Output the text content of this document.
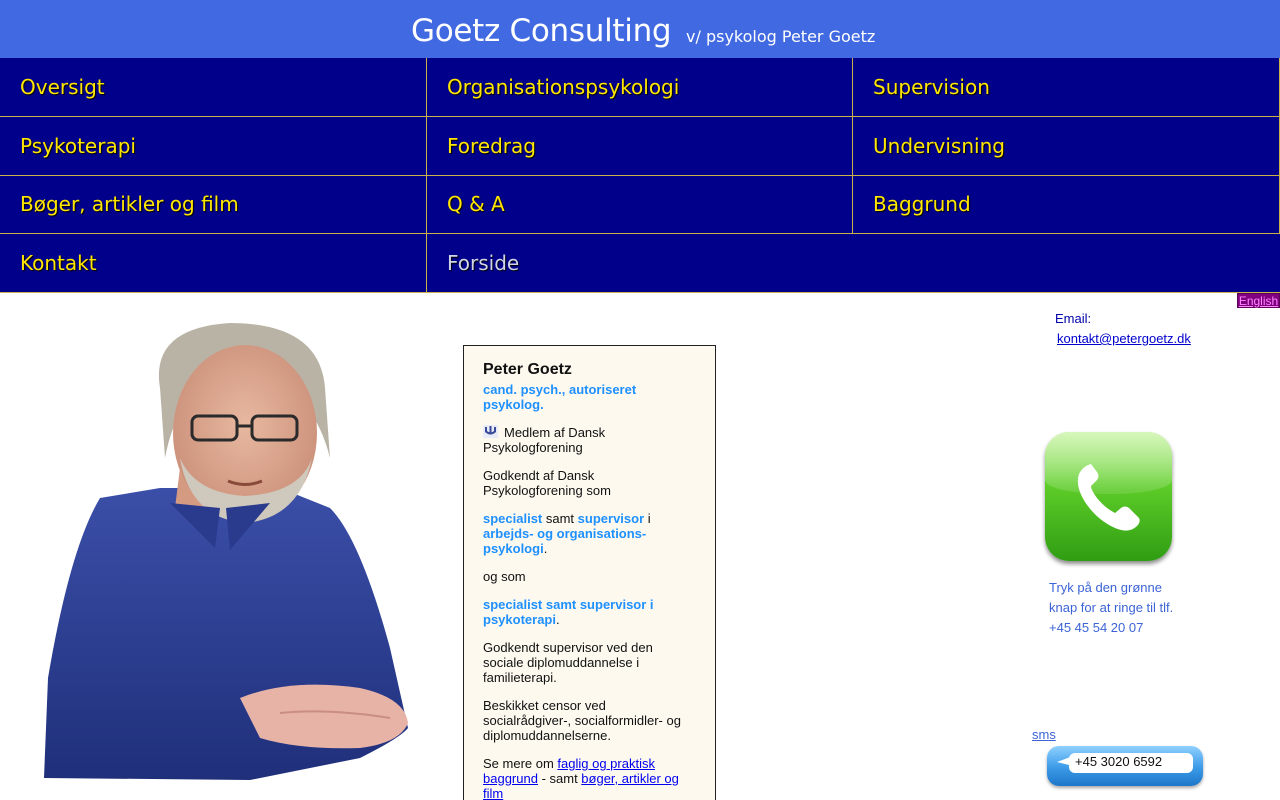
Goetz Consulting v/ psykolog Peter Goetz
Oversigt	Organisationspsykologi	Supervision
Psykoterapi	Foredrag	Undervisning
Bøger, artikler og film	Q & A	Baggrund
Kontakt	Forside
English
Peter Goetz

cand. psych., autoriseret psykolog.

Medlem af Dansk Psykologforening

Godkendt af Dansk Psykologforening som

specialist samt supervisor i arbejds- og organisations-psykologi.

og som

specialist samt supervisor i psykoterapi.

Godkendt supervisor ved den sociale diplomuddannelse i familieterapi.

Beskikket censor ved socialrådgiver-, socialformidler- og diplomuddannelserne.

Se mere om faglig og praktisk baggrund - samt bøger, artikler og film

Email:
kontakt@petergoetz.dk
Tryk på den grønne knap for at ringe til tlf. +45 45 54 20 07
sms
+45 3020 6592
